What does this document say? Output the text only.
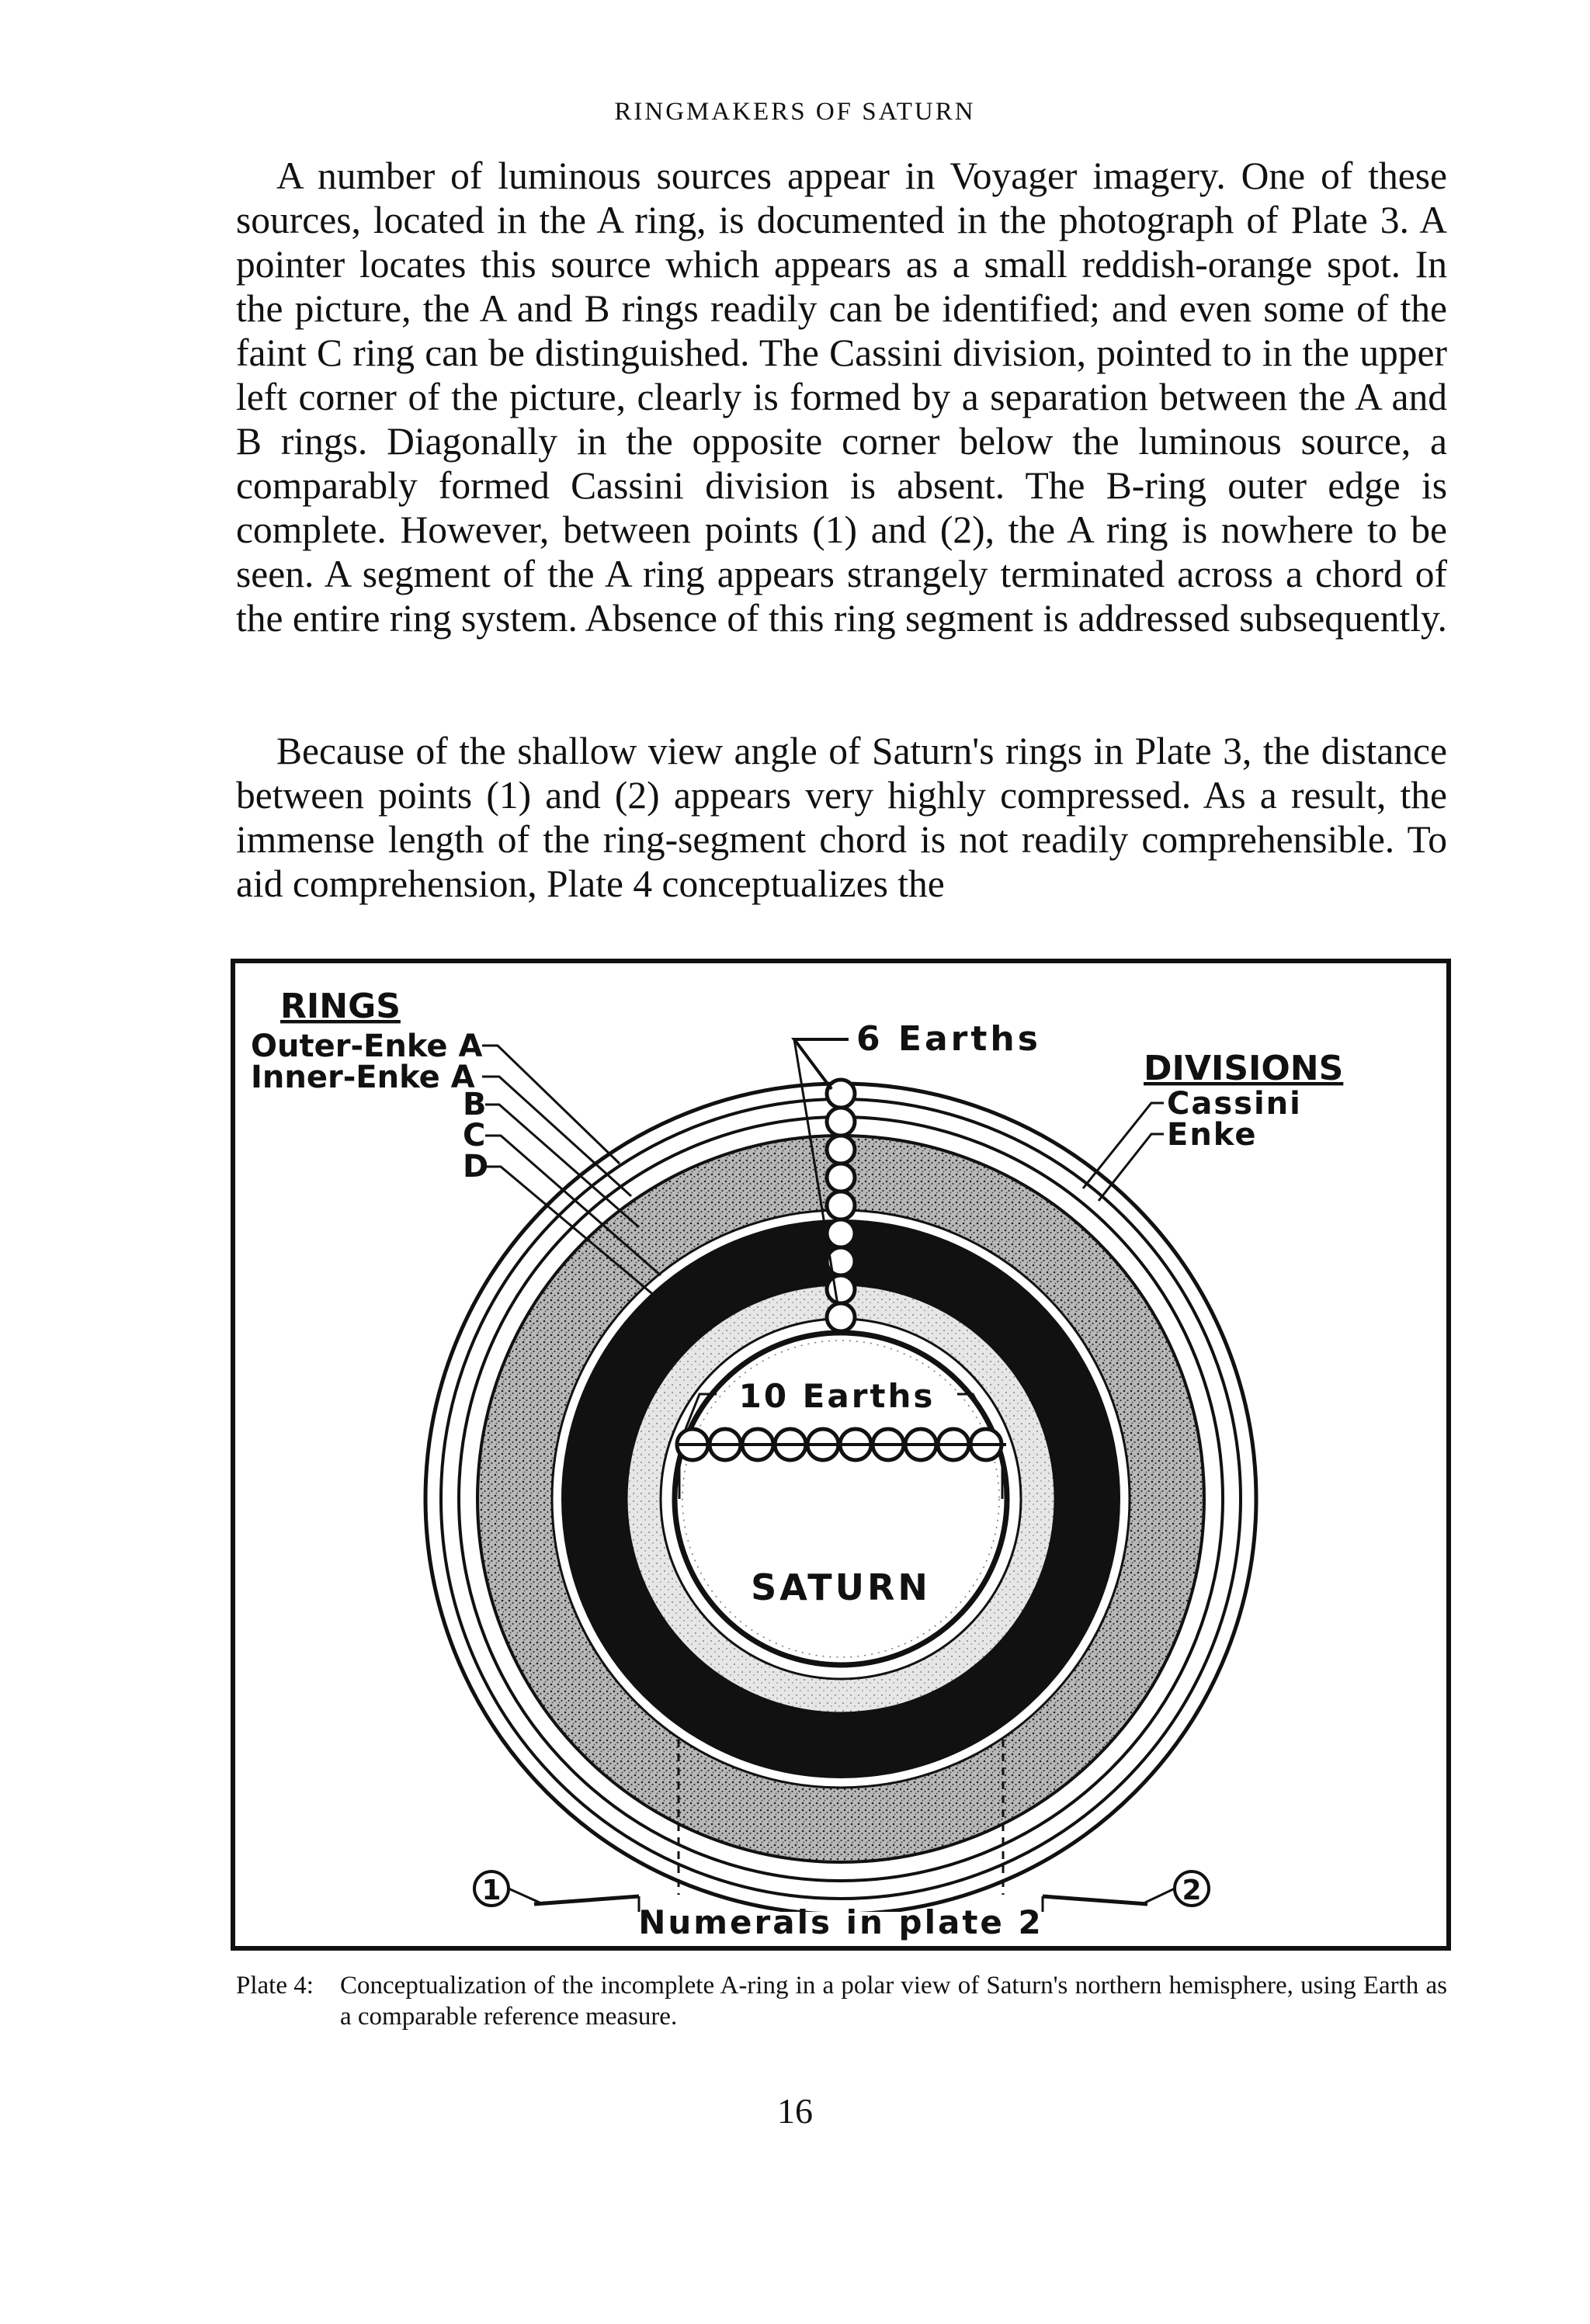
RINGMAKERS OF SATURN

A number of luminous sources appear in Voyager imagery. One of these sources, located in the A ring, is documented in the photograph of Plate 3. A pointer locates this source which appears as a small reddish-orange spot. In the picture, the A and B rings readily can be identified; and even some of the faint C ring can be distinguished. The Cassini division, pointed to in the upper left corner of the picture, clearly is formed by a separation between the A and B rings. Diagonally in the opposite corner below the luminous source, a comparably formed Cassini division is absent. The B-ring outer edge is complete. However, between points (1) and (2), the A ring is nowhere to be seen. A segment of the A ring appears strangely terminated across a chord of the entire ring system. Absence of this ring segment is addressed subsequently.

Because of the shallow view angle of Saturn's rings in Plate 3, the distance between points (1) and (2) appears very highly compressed. As a result, the immense length of the ring-segment chord is not readily comprehensible. To aid comprehension, Plate 4 conceptualizes the

6 Earths
10 Earths
SATURN
RINGS
Outer-Enke A
Inner-Enke A
B
C
D
DIVISIONS
Cassini
Enke
1	2
Numerals in plate 2
Plate 4: Conceptualization of the incomplete A-ring in a polar view of Saturn's northern hemisphere, using Earth as a comparable reference measure.
16
